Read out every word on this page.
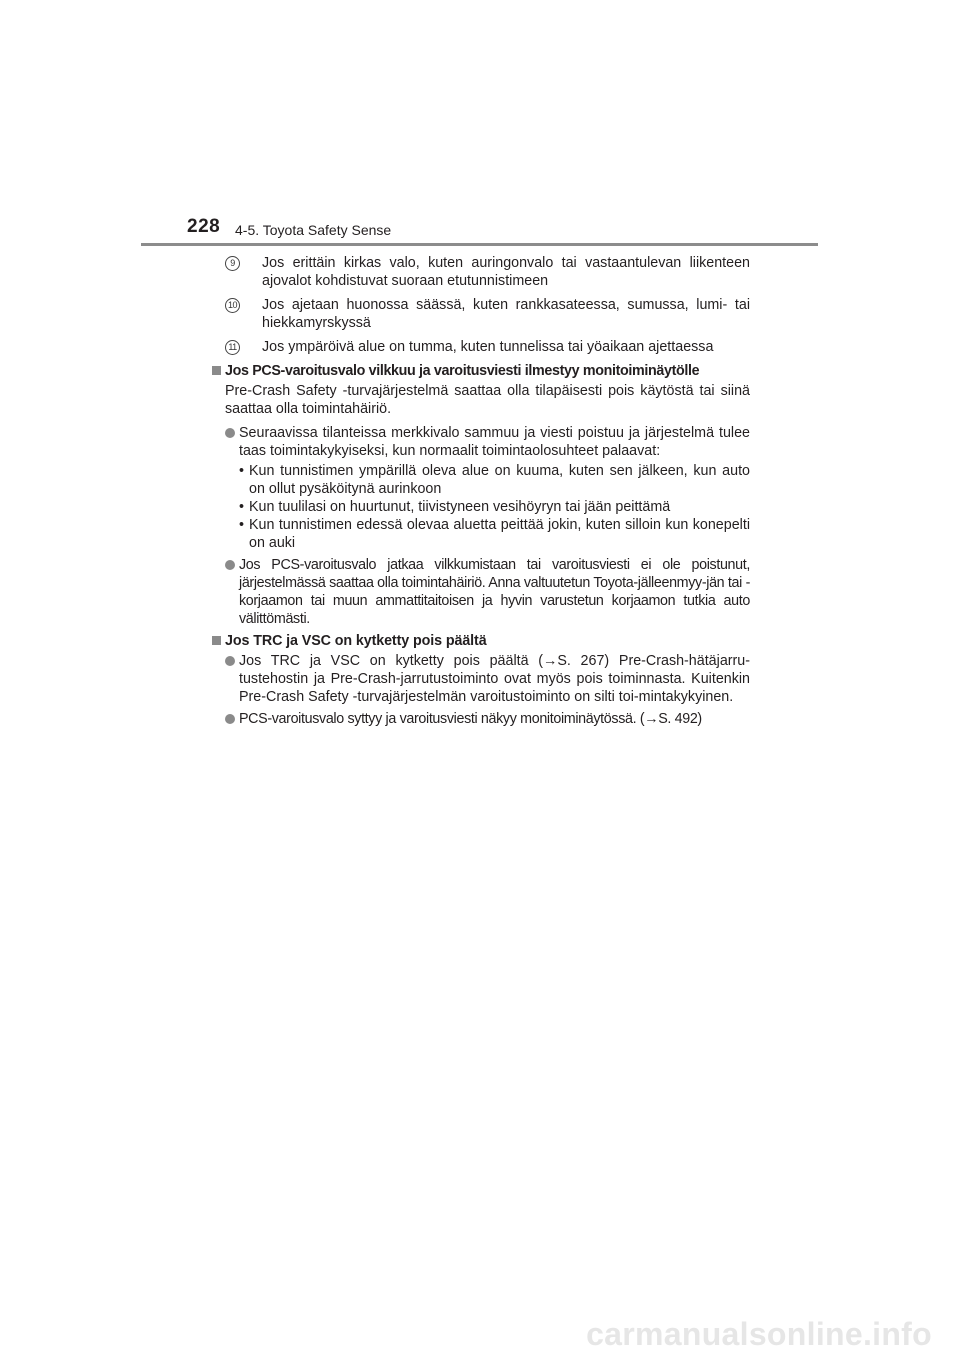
228 4-5. Toyota Safety Sense
9	Jos erittäin kirkas valo, kuten auringonvalo tai vastaantulevan liikenteen ajovalot kohdistuvat suoraan etutunnistimeen
10 Jos ajetaan huonossa säässä, kuten rankkasateessa, sumussa, lumi- tai hiekkamyrskyssä
11 Jos ympäröivä alue on tumma, kuten tunnelissa tai yöaikaan ajettaessa
Jos PCS-varoitusvalo vilkkuu ja varoitusviesti ilmestyy monitoiminäytölle
Pre-Crash Safety -turvajärjestelmä saattaa olla tilapäisesti pois käytöstä tai siinä saattaa olla toimintahäiriö.
Seuraavissa tilanteissa merkkivalo sammuu ja viesti poistuu ja järjestelmä tulee taas toimintakykyiseksi, kun normaalit toimintaolosuhteet palaavat:
• Kun tunnistimen ympärillä oleva alue on kuuma, kuten sen jälkeen, kun auto on ollut pysäköitynä aurinkoon
• Kun tuulilasi on huurtunut, tiivistyneen vesihöyryn tai jään peittämä
• Kun tunnistimen edessä olevaa aluetta peittää jokin, kuten silloin kun konepelti on auki
Jos PCS-varoitusvalo jatkaa vilkkumistaan tai varoitusviesti ei ole poistunut, järjestelmässä saattaa olla toimintahäiriö. Anna valtuutetun Toyota-jälleenmyy-jän tai -korjaamon tai muun ammattitaitoisen ja hyvin varustetun korjaamon tutkia auto välittömästi.
Jos TRC ja VSC on kytketty pois päältä
Jos TRC ja VSC on kytketty pois päältä (→S. 267) Pre-Crash-hätäjarru-tustehostin ja Pre-Crash-jarrutustoiminto ovat myös pois toiminnasta. Kuitenkin Pre-Crash Safety -turvajärjestelmän varoitustoiminto on silti toi-mintakykyinen.
PCS-varoitusvalo syttyy ja varoitusviesti näkyy monitoiminäytössä. (→S. 492)
carmanualsonline.info
